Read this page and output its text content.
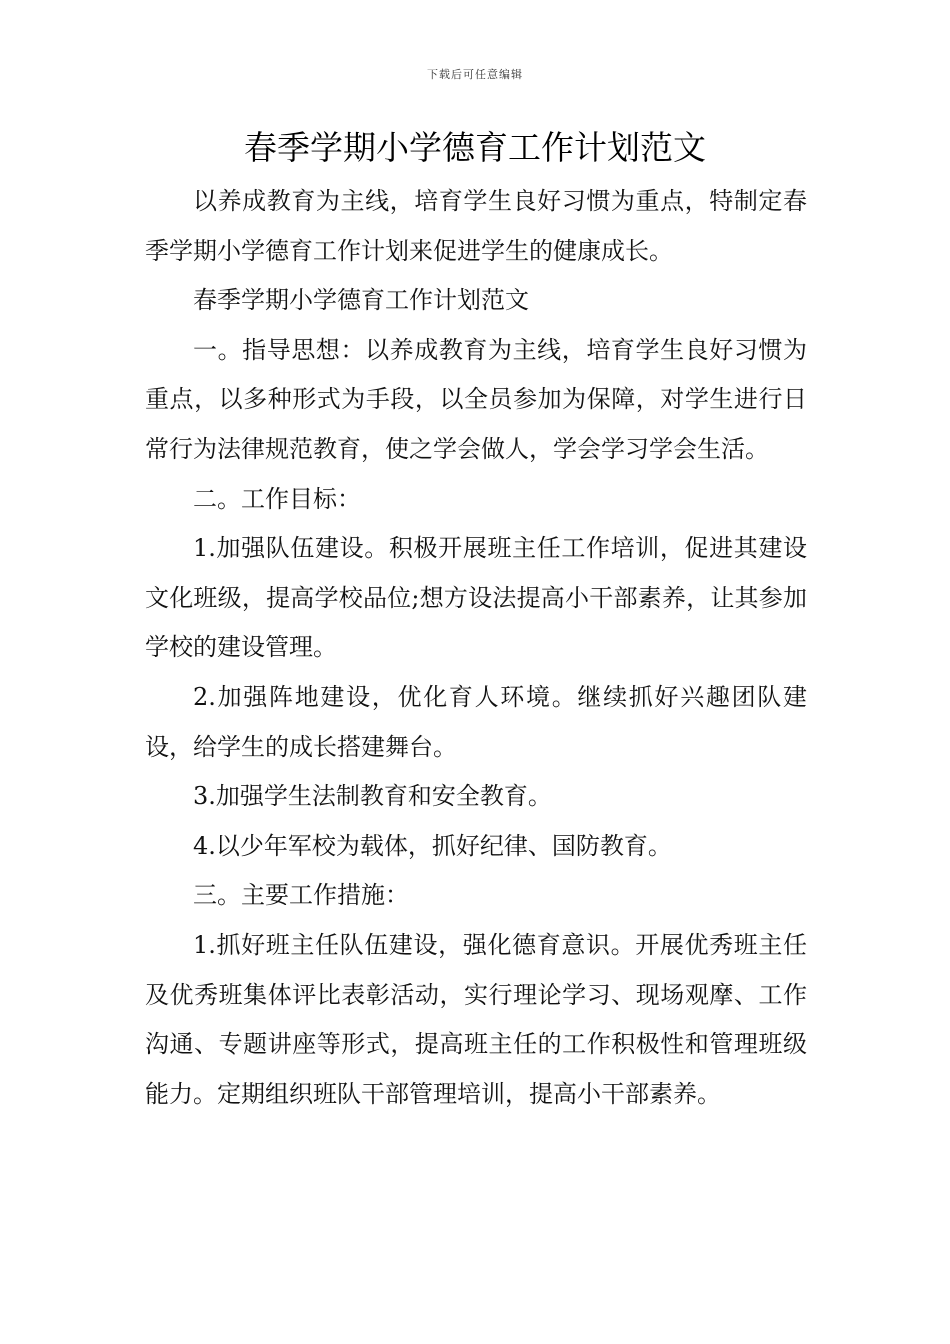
下载后可任意编辑
春季学期小学德育工作计划范文

以养成教育为主线，培育学生良好习惯为重点，特制定春季学期小学德育工作计划来促进学生的健康成长。

春季学期小学德育工作计划范文

一。指导思想：以养成教育为主线，培育学生良好习惯为重点，以多种形式为手段，以全员参加为保障，对学生进行日常行为法律规范教育，使之学会做人，学会学习学会生活。

二。工作目标：

1.加强队伍建设。积极开展班主任工作培训，促进其建设文化班级，提高学校品位;想方设法提高小干部素养，让其参加学校的建设管理。

2.加强阵地建设，优化育人环境。继续抓好兴趣团队建设，给学生的成长搭建舞台。

3.加强学生法制教育和安全教育。

4.以少年军校为载体，抓好纪律、国防教育。

三。主要工作措施：

1.抓好班主任队伍建设，强化德育意识。开展优秀班主任及优秀班集体评比表彰活动，实行理论学习、现场观摩、工作沟通、专题讲座等形式，提高班主任的工作积极性和管理班级能力。定期组织班队干部管理培训，提高小干部素养。
